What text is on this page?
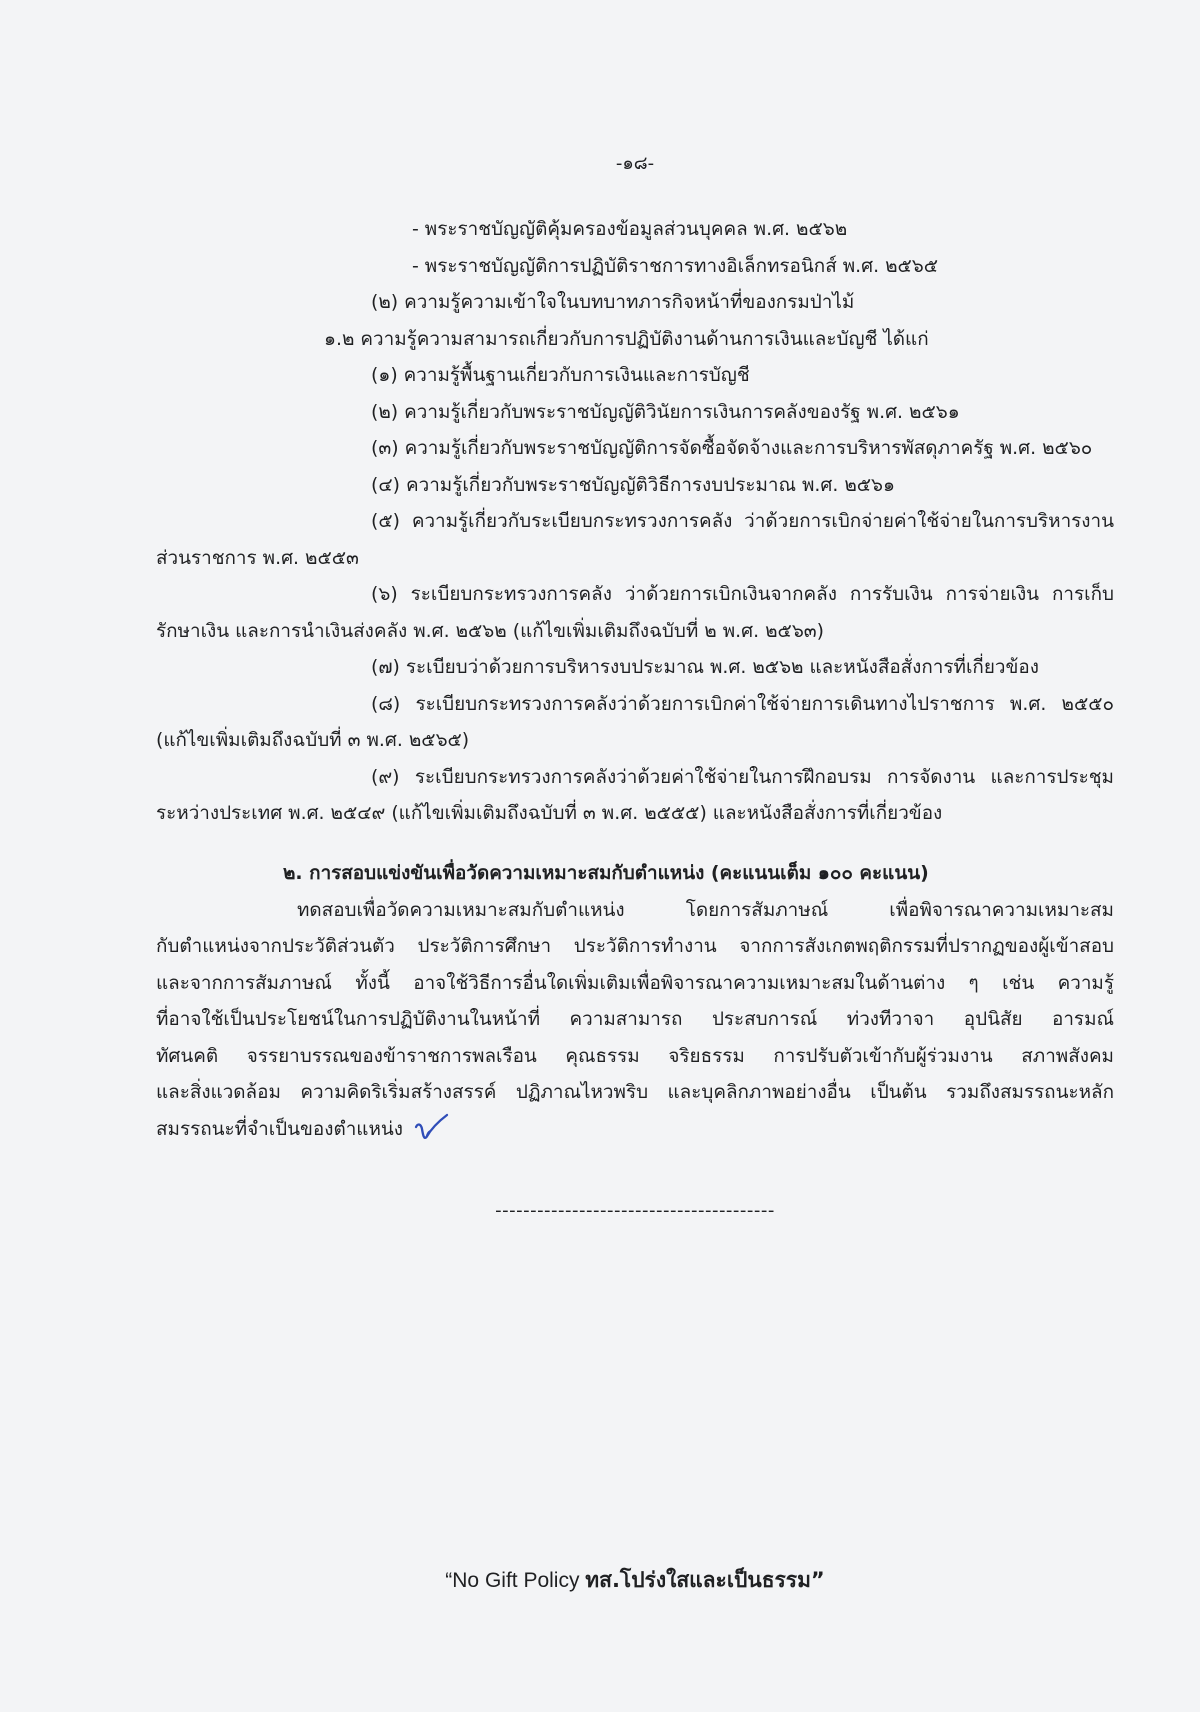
-๑๘-
- พระราชบัญญัติคุ้มครองข้อมูลส่วนบุคคล พ.ศ. ๒๕๖๒
- พระราชบัญญัติการปฏิบัติราชการทางอิเล็กทรอนิกส์ พ.ศ. ๒๕๖๕
(๒) ความรู้ความเข้าใจในบทบาทภารกิจหน้าที่ของกรมป่าไม้
๑.๒ ความรู้ความสามารถเกี่ยวกับการปฏิบัติงานด้านการเงินและบัญชี ได้แก่
(๑) ความรู้พื้นฐานเกี่ยวกับการเงินและการบัญชี
(๒) ความรู้เกี่ยวกับพระราชบัญญัติวินัยการเงินการคลังของรัฐ พ.ศ. ๒๕๖๑
(๓) ความรู้เกี่ยวกับพระราชบัญญัติการจัดซื้อจัดจ้างและการบริหารพัสดุภาครัฐ พ.ศ. ๒๕๖๐
(๔) ความรู้เกี่ยวกับพระราชบัญญัติวิธีการงบประมาณ พ.ศ. ๒๕๖๑
(๕) ความรู้เกี่ยวกับระเบียบกระทรวงการคลัง ว่าด้วยการเบิกจ่ายค่าใช้จ่ายในการบริหารงาน
ส่วนราชการ พ.ศ. ๒๕๕๓
(๖) ระเบียบกระทรวงการคลัง ว่าด้วยการเบิกเงินจากคลัง การรับเงิน การจ่ายเงิน การเก็บ
รักษาเงิน และการนำเงินส่งคลัง พ.ศ. ๒๕๖๒ (แก้ไขเพิ่มเติมถึงฉบับที่ ๒ พ.ศ. ๒๕๖๓)
(๗) ระเบียบว่าด้วยการบริหารงบประมาณ พ.ศ. ๒๕๖๒ และหนังสือสั่งการที่เกี่ยวข้อง
(๘) ระเบียบกระทรวงการคลังว่าด้วยการเบิกค่าใช้จ่ายการเดินทางไปราชการ พ.ศ. ๒๕๕๐
(แก้ไขเพิ่มเติมถึงฉบับที่ ๓ พ.ศ. ๒๕๖๕)
(๙) ระเบียบกระทรวงการคลังว่าด้วยค่าใช้จ่ายในการฝึกอบรม การจัดงาน และการประชุม
ระหว่างประเทศ พ.ศ. ๒๕๔๙ (แก้ไขเพิ่มเติมถึงฉบับที่ ๓ พ.ศ. ๒๕๕๕) และหนังสือสั่งการที่เกี่ยวข้อง
๒. การสอบแข่งขันเพื่อวัดความเหมาะสมกับตำแหน่ง (คะแนนเต็ม ๑๐๐ คะแนน)
ทดสอบเพื่อวัดความเหมาะสมกับตำแหน่ง โดยการสัมภาษณ์ เพื่อพิจารณาความเหมาะสม
กับตำแหน่งจากประวัติส่วนตัว ประวัติการศึกษา ประวัติการทำงาน จากการสังเกตพฤติกรรมที่ปรากฏของผู้เข้าสอบ
และจากการสัมภาษณ์ ทั้งนี้ อาจใช้วิธีการอื่นใดเพิ่มเติมเพื่อพิจารณาความเหมาะสมในด้านต่าง ๆ เช่น ความรู้
ที่อาจใช้เป็นประโยชน์ในการปฏิบัติงานในหน้าที่ ความสามารถ ประสบการณ์ ท่วงทีวาจา อุปนิสัย อารมณ์
ทัศนคติ จรรยาบรรณของข้าราชการพลเรือน คุณธรรม จริยธรรม การปรับตัวเข้ากับผู้ร่วมงาน สภาพสังคม
และสิ่งแวดล้อม ความคิดริเริ่มสร้างสรรค์ ปฏิภาณไหวพริบ และบุคลิกภาพอย่างอื่น เป็นต้น รวมถึงสมรรถนะหลัก
สมรรถนะที่จำเป็นของตำแหน่ง
----------------------------------------
“No Gift Policy ทส.โปร่งใสและเป็นธรรม”
